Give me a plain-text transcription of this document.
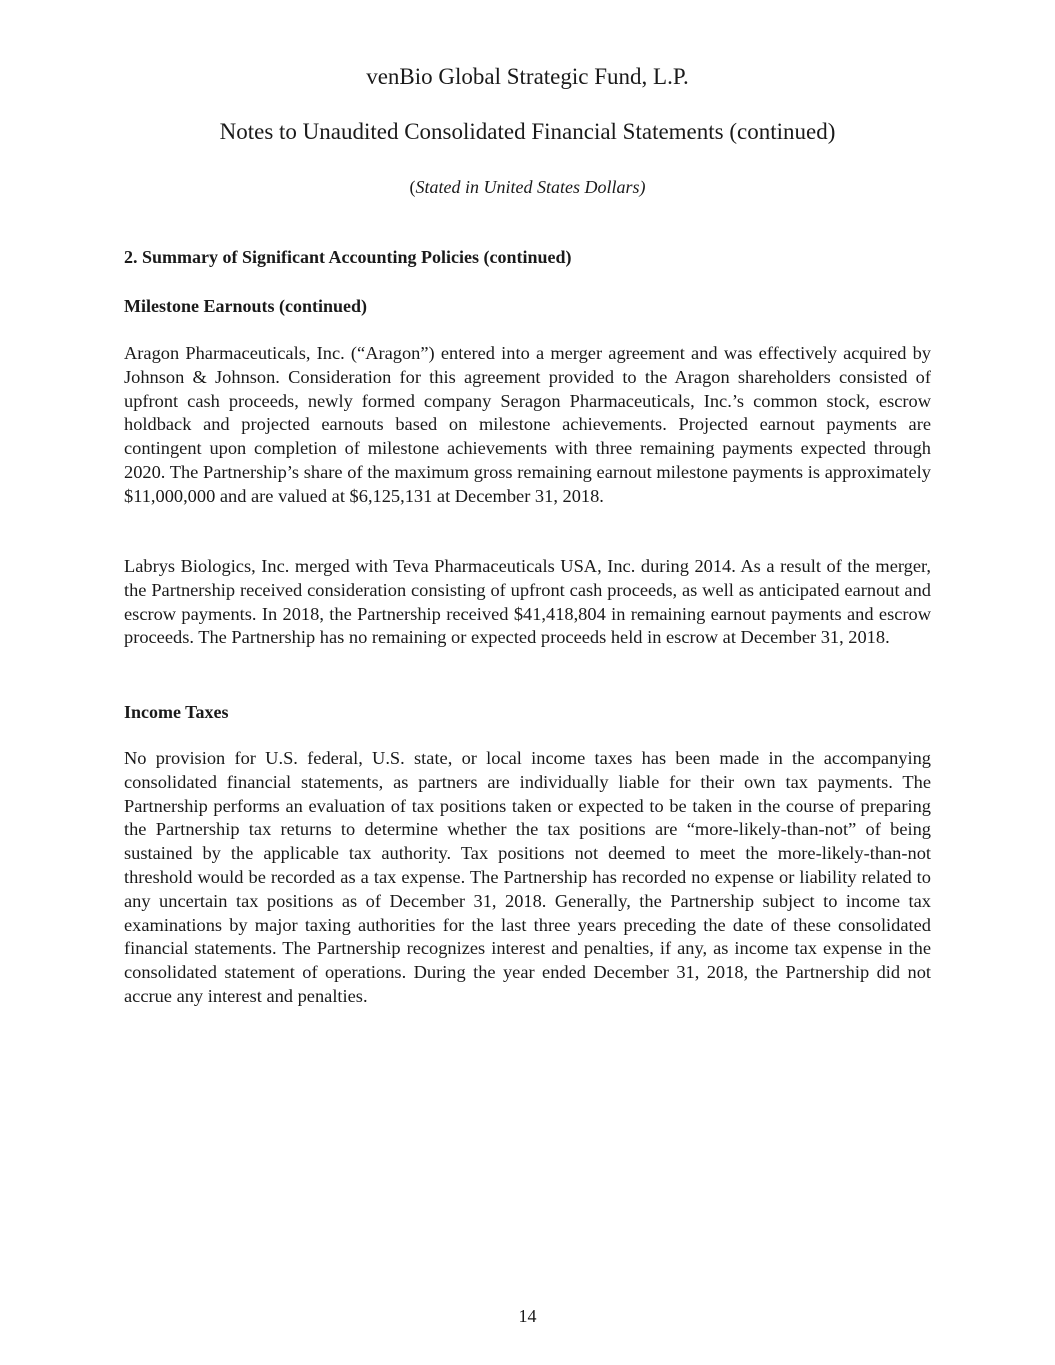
venBio Global Strategic Fund, L.P.
Notes to Unaudited Consolidated Financial Statements (continued)

(Stated in United States Dollars)

2. Summary of Significant Accounting Policies (continued)
Milestone Earnouts (continued)

Aragon Pharmaceuticals, Inc. (“Aragon”) entered into a merger agreement and was effectively acquired by Johnson & Johnson. Consideration for this agreement provided to the Aragon shareholders consisted of upfront cash proceeds, newly formed company Seragon Pharmaceuticals, Inc.’s common stock, escrow holdback and projected earnouts based on milestone achievements. Projected earnout payments are contingent upon completion of milestone achievements with three remaining payments expected through 2020. The Partnership’s share of the maximum gross remaining earnout milestone payments is approximately $11,000,000 and are valued at $6,125,131 at December 31, 2018.

Labrys Biologics, Inc. merged with Teva Pharmaceuticals USA, Inc. during 2014. As a result of the merger, the Partnership received consideration consisting of upfront cash proceeds, as well as anticipated earnout and escrow payments. In 2018, the Partnership received $41,418,804 in remaining earnout payments and escrow proceeds. The Partnership has no remaining or expected proceeds held in escrow at December 31, 2018.

Income Taxes

No provision for U.S. federal, U.S. state, or local income taxes has been made in the accompanying consolidated financial statements, as partners are individually liable for their own tax payments. The Partnership performs an evaluation of tax positions taken or expected to be taken in the course of preparing the Partnership tax returns to determine whether the tax positions are “more-likely-than-not” of being sustained by the applicable tax authority. Tax positions not deemed to meet the more-likely-than-not threshold would be recorded as a tax expense. The Partnership has recorded no expense or liability related to any uncertain tax positions as of December 31, 2018. Generally, the Partnership subject to income tax examinations by major taxing authorities for the last three years preceding the date of these consolidated financial statements. The Partnership recognizes interest and penalties, if any, as income tax expense in the consolidated statement of operations. During the year ended December 31, 2018, the Partnership did not accrue any interest and penalties.

14
